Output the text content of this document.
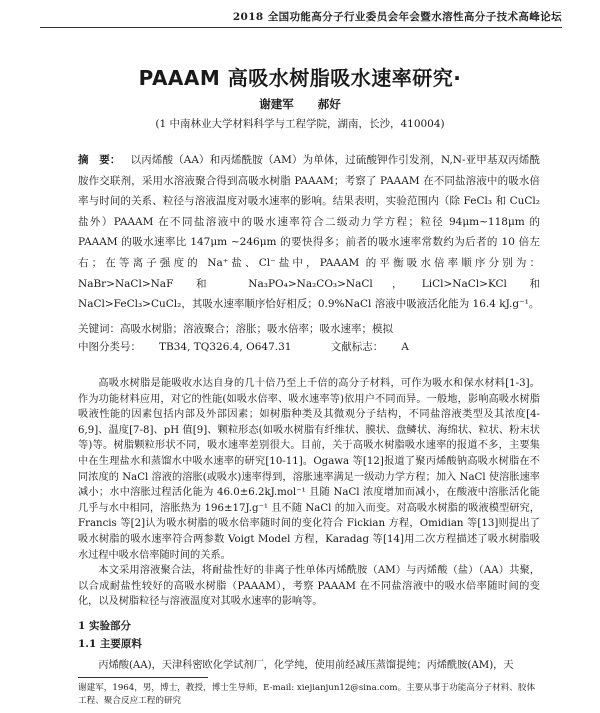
2018 全国功能高分子行业委员会年会暨水溶性高分子技术高峰论坛
PAAAM 高吸水树脂吸水速率研究·
谢建军 郝好
(1 中南林业大学材料科学与工程学院，湖南，长沙，410004)
摘　要： 以丙烯酸（AA）和丙烯酰胺（AM）为单体，过硫酸钾作引发剂，N,N-亚甲基双丙烯酰胺作交联剂，采用水溶液聚合得到高吸水树脂 PAAAM；考察了 PAAAM 在不同盐溶液中的吸水倍率与时间的关系、粒径与溶液温度对吸水速率的影响。结果表明，实验范围内（除 FeCl₃ 和 CuCl₂ 盐外）PAAAM 在不同盐溶液中的吸水速率符合二级动力学方程；粒径 94μm~118μm 的 PAAAM 的吸水速率比 147μm ~246μm 的要快得多；前者的吸水速率常数约为后者的 10 倍左右；在等离子强度的 Na⁺盐、Cl⁻盐中，PAAAM 的平衡吸水倍率顺序分别为：NaBr>NaCl>NaF 和 Na₃PO₄>Na₂CO₃>NaCl，LiCl>NaCl>KCl 和 NaCl>FeCl₃>CuCl₂，其吸水速率顺序恰好相反；0.9%NaCl 溶液中吸液活化能为 16.4 kJ.g⁻¹。
关键词：高吸水树脂；溶液聚合；溶胀；吸水倍率；吸水速率；模拟
中图分类号： TB34, TQ326.4, O647.31	文献标志： A

高吸水树脂是能吸收水达自身的几十倍乃至上千倍的高分子材料，可作为吸水和保水材料[1-3]。作为功能材料应用，对它的性能(如吸水倍率、吸水速率等)依用户不同而异。一般地，影响高吸水树脂吸液性能的因素包括内部及外部因素；如树脂种类及其微观分子结构，不同盐溶液类型及其浓度[4-6,9]、温度[7-8]、pH 值[9]、颗粒形态(如吸水树脂有纤维状、膜状、盘鳞状、海绵状、粒状、粉末状等)等。树脂颗粒形状不同，吸水速率差别很大。目前，关于高吸水树脂吸水速率的报道不多，主要集中在生理盐水和蒸馏水中吸水速率的研究[10-11]。Ogawa 等[12]报道了聚丙烯酸钠高吸水树脂在不同浓度的 NaCl 溶液的溶胀(或吸水)速率得到，溶胀速率满足一级动力学方程；加入 NaCl 使溶胀速率减小；水中溶胀过程活化能为 46.0±6.2kJ.mol⁻¹ 且随 NaCl 浓度增加而减小，在酸液中溶胀活化能几乎与水中相同，溶胀热为 196±17J.g⁻¹ 且不随 NaCl 的加入而变。对高吸水树脂的吸液模型研究，Francis 等[2]认为吸水树脂的吸水倍率随时间的变化符合 Fickian 方程，Omidian 等[13]则提出了吸水树脂的吸水速率符合两参数 Voigt Model 方程，Karadag 等[14]用二次方程描述了吸水树脂吸水过程中吸水倍率随时间的关系。

本文采用溶液聚合法，将耐盐性好的非离子性单体丙烯酰胺（AM）与丙烯酸（盐）（AA）共聚，以合成耐盐性较好的高吸水树脂（PAAAM），考察 PAAAM 在不同盐溶液中的吸水倍率随时间的变化，以及树脂粒径与溶液温度对其吸水速率的影响等。

1 实验部分
1.1 主要原料
丙烯酸(AA)，天津科密欧化学试剂厂，化学纯，使用前经减压蒸馏提纯；丙烯酰胺(AM)，天
谢建军，1964，男，博士，教授，博士生导师，E-mail: xiejianjun12@sina.com。主要从事于功能高分子材料、胶体工程、聚合反应工程的研究
